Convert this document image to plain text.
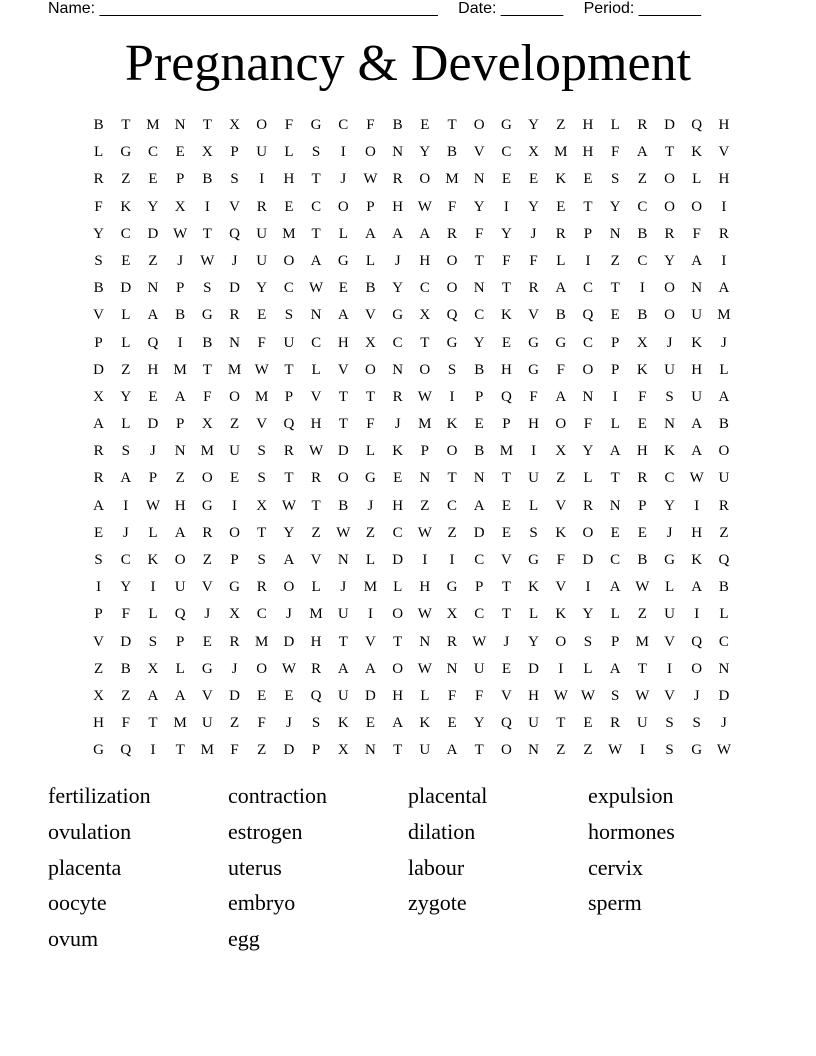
Name: ______________________________________ Date: _______ Period: _______
Pregnancy & Development
B	T	M	N	T	X	O	F	G	C	F	B	E	T	O	G	Y	Z	H	L	R	D	Q	H
L	G	C	E	X	P	U	L	S	I	O	N	Y	B	V	C	X	M	H	F	A	T	K	V
R	Z	E	P	B	S	I	H	T	J	W	R	O	M	N	E	E	K	E	S	Z	O	L	H
F	K	Y	X	I	V	R	E	C	O	P	H W	F	Y	I	Y	E	T	Y	C	O	O	I
Y	C	D W	T	Q	U	M	T	L	A	A	A	R	F	Y	J	R	P	N	B	R	F	R
S	E	Z	J	W	J	U	O	A	G	L	J	H	O	T	F	F	L	I	Z	C	Y	A	I
B	D	N	P	S	D	Y	C	W	E	B	Y	C	O	N	T	R	A	C	T	I	O	N	A
V	L	A	B	G	R	E	S	N	A	V	G	X	Q	C	K	V	B	Q	E	B	O	U	M
P	L	Q	I	B	N	F	U	C	H	X	C	T	G	Y	E	G	G	C	P	X	J	K	J
D	Z	H	M	T	M W	T	L	V	O	N	O	S	B	H	G	F	O	P	K	U	H	L
X	Y	E	A	F	O	M	P	V	T	T	R	W	I	P	Q	F	A	N	I	F	S	U	A
A	L	D	P	X	Z	V	Q	H	T	F	J	M	K	E	P	H	O	F	L	E	N	A	B
R	S	J	N	M	U	S	R	W D	L	K	P	O	B	M	I	X	Y	A	H	K	A	O
R	A	P	Z	O	E	S	T	R	O	G	E	N	T	N	T	U	Z	L	T	R	C	W U
A	I	W H	G	I	X W	T	B	J	H	Z	C	A	E	L	V	R	N	P	Y	I	R
E	J	L	A	R	O	T	Y	Z	W	Z	C	W	Z	D	E	S	K	O	E	E	J	H	Z
S	C	K	O	Z	P	S	A	V	N	L	D	I	I	C	V	G	F	D	C	B	G	K	Q
I	Y	I	U	V	G	R	O	L	J	M	L	H	G	P	T	K	V	I	A W	L	A	B
P	F	L	Q	J	X	C	J	M	U	I	O W X	C	T	L	K	Y	L	Z	U	I	L
V	D	S	P	E	R	M	D	H	T	V	T	N	R	W	J	Y	O	S	P	M	V	Q	C
Z	B	X	L	G	J	O W	R	A	A	O W N	U	E	D	I	L	A	T	I	O	N
X	Z	A	A	V	D	E	E	Q	U	D	H	L	F	F	V	H W W	S	W V	J	D
H	F	T	M	U	Z	F	J	S	K	E	A	K	E	Y	Q	U	T	E	R	U	S	S	J
G	Q	I	T	M	F	Z	D	P	X	N	T	U	A	T	O	N	Z	Z	W	I	S	G W
fertilization	contraction	placental	expulsion
ovulation	estrogen	dilation	hormones
placenta	uterus	labour	cervix
oocyte	embryo	zygote	sperm
ovum	egg
